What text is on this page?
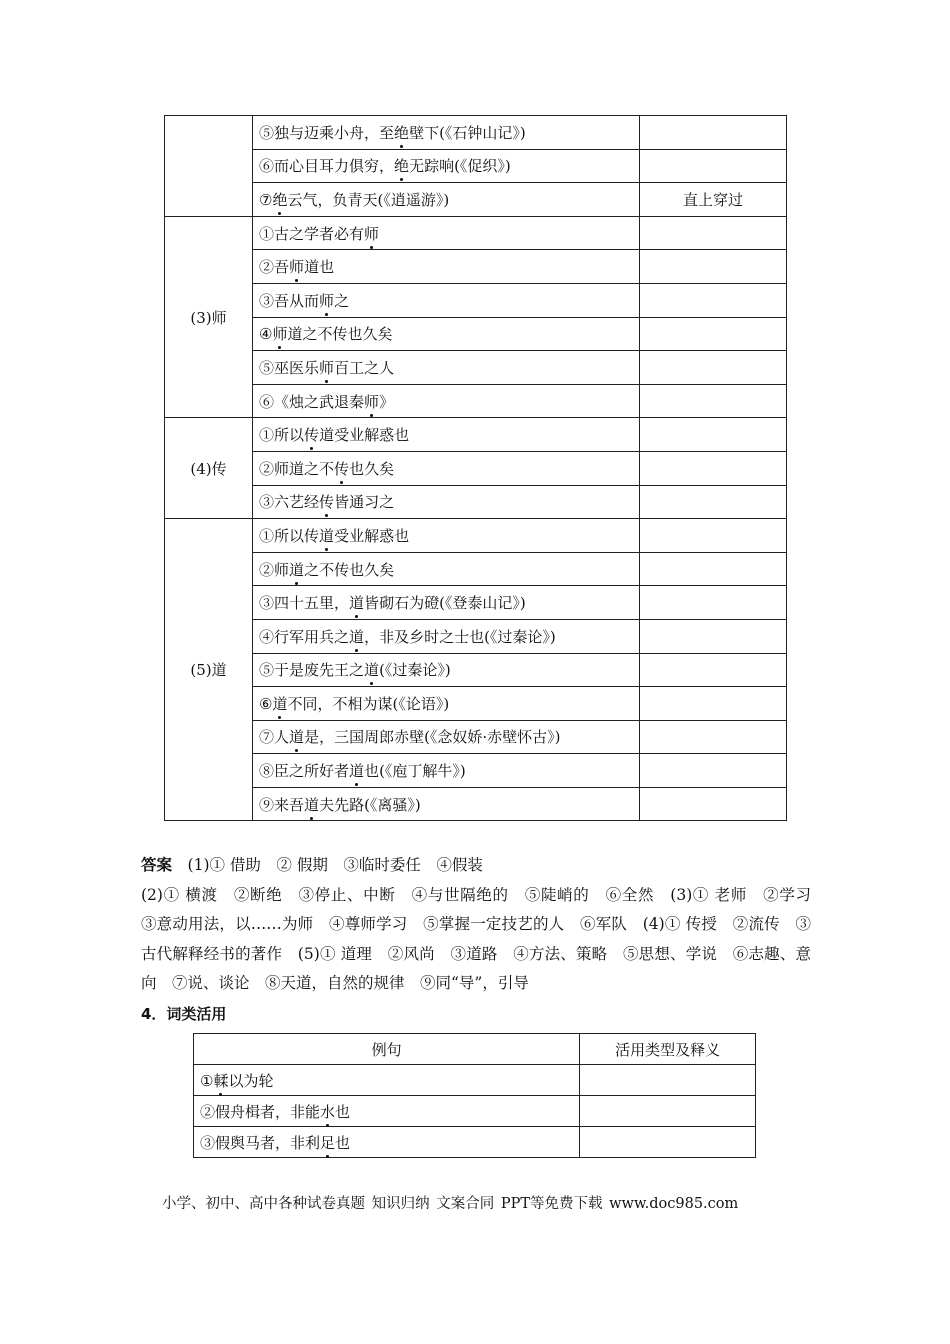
	⑤独与迈乘小舟，至绝壁下(《石钟山记》)	
	⑥而心目耳力俱穷，绝无踪响(《促织》)	
	⑦绝云气，负青天(《逍遥游》)	直上穿过
(3)师	①古之学者必有师	
	②吾师道也	
	③吾从而师之	
	④师道之不传也久矣	
	⑤巫医乐师百工之人	
	⑥《烛之武退秦师》	
(4)传	①所以传道受业解惑也	
	②师道之不传也久矣	
	③六艺经传皆通习之	
(5)道	①所以传道受业解惑也	
	②师道之不传也久矣	
	③四十五里，道皆砌石为磴(《登泰山记》)	
	④行军用兵之道，非及乡时之士也(《过秦论》)	
	⑤于是废先王之道(《过秦论》)	
	⑥道不同，不相为谋(《论语》)	
	⑦人道是，三国周郎赤壁(《念奴娇·赤壁怀古》)	
	⑧臣之所好者道也(《庖丁解牛》)	
	⑨来吾道夫先路(《离骚》)	

答案　 (1)① 借助　② 假期　③临时委任　④假装

(2)① 横渡　②断绝　③停止、中断　④与世隔绝的　⑤陡峭的　⑥全然　(3)① 老师　②学习　③意动用法，以……为师　④尊师学习　⑤掌握一定技艺的人　⑥军队　(4)① 传授　②流传　③古代解释经书的著作　(5)① 道理　②风尚　③道路　④方法、策略　⑤思想、学说　⑥志趣、意向　⑦说、谈论　⑧天道，自然的规律　⑨同“导”，引导

4．词类活用
例句	活用类型及释义
①輮以为轮	
②假舟楫者，非能水也	
③假舆马者，非利足也	
小学、初中、高中各种试卷真题 知识归纳 文案合同 PPT等免费下载 www.doc985.com
